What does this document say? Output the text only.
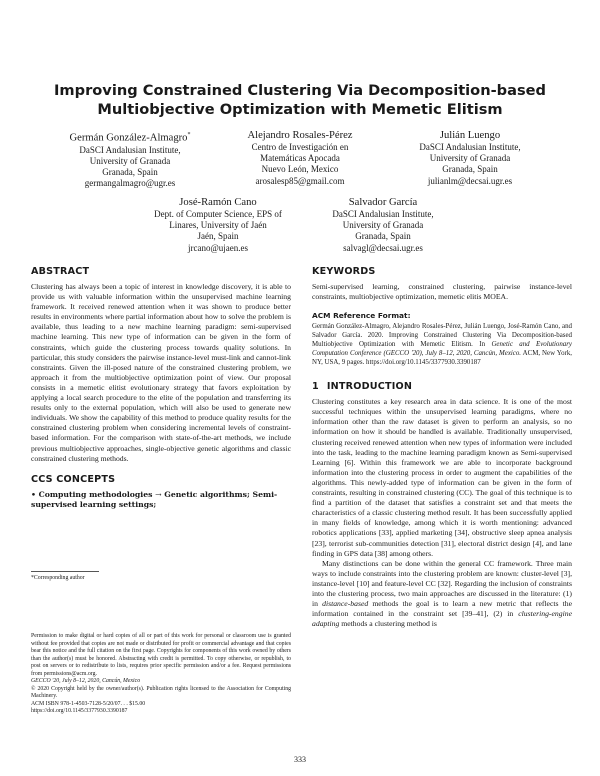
Improving Constrained Clustering Via Decomposition-based Multiobjective Optimization with Memetic Elitism
Germán González-Almagro*
DaSCI Andalusian Institute,
University of Granada
Granada, Spain
germangalmagro@ugr.es
Alejandro Rosales-Pérez
Centro de Investigación en
Matemáticas Apocada
Nuevo León, Mexico
arosalesp85@gmail.com
Julián Luengo
DaSCI Andalusian Institute,
University of Granada
Granada, Spain
julianlm@decsai.ugr.es
José-Ramón Cano
Dept. of Computer Science, EPS of
Linares, University of Jaén
Jaén, Spain
jrcano@ujaen.es
Salvador García
DaSCI Andalusian Institute,
University of Granada
Granada, Spain
salvagl@decsai.ugr.es
ABSTRACT

Clustering has always been a topic of interest in knowledge discovery, it is able to provide us with valuable information within the unsupervised machine learning framework. It received renewed attention when it was shown to produce better results in environments where partial information about how to solve the problem is available, thus leading to a new machine learning paradigm: semi-supervised machine learning. This new type of information can be given in the form of constraints, which guide the clustering process towards quality solutions. In particular, this study considers the pairwise instance-level must-link and cannot-link constraints. Given the ill-posed nature of the constrained clustering problem, we approach it from the multiobjective optimization point of view. Our proposal consists in a memetic elitist evolutionary strategy that favors exploitation by applying a local search procedure to the elite of the population and transferring its results only to the external population, which will also be used to generate new individuals. We show the capability of this method to produce quality results for the constrained clustering problem when considering incremental levels of constraint-based information. For the comparison with state-of-the-art methods, we include previous multiobjective approaches, single-objective genetic algorithms and classic constrained clustering methods.

CCS CONCEPTS

• Computing methodologies → Genetic algorithms; Semi-supervised learning settings;

*Corresponding author

Permission to make digital or hard copies of all or part of this work for personal or classroom use is granted without fee provided that copies are not made or distributed for profit or commercial advantage and that copies bear this notice and the full citation on the first page. Copyrights for components of this work owned by others than the author(s) must be honored. Abstracting with credit is permitted. To copy otherwise, or republish, to post on servers or to redistribute to lists, requires prior specific permission and/or a fee. Request permissions from permissions@acm.org.

GECCO '20, July 8–12, 2020, Cancún, Mexico

© 2020 Copyright held by the owner/author(s). Publication rights licensed to the Association for Computing Machinery.

ACM ISBN 978-1-4503-7128-5/20/07. . . $15.00

https://doi.org/10.1145/3377930.3390187

KEYWORDS

Semi-supervised learning, constrained clustering, pairwise instance-level constraints, multiobjective optimization, memetic elitis MOEA.

ACM Reference Format:

Germán González-Almagro, Alejandro Rosales-Pérez, Julián Luengo, José-Ramón Cano, and Salvador García. 2020. Improving Constrained Clustering Via Decomposition-based Multiobjective Optimization with Memetic Elitism. In Genetic and Evolutionary Computation Conference (GECCO '20), July 8–12, 2020, Cancún, Mexico. ACM, New York, NY, USA, 9 pages. https://doi.org/10.1145/3377930.3390187

1 INTRODUCTION

Clustering constitutes a key research area in data science. It is one of the most successful techniques within the unsupervised learning paradigms, where no information other than the raw dataset is given to perform an analysis, so no information on how it should be handled is available. Traditionally unsupervised, clustering received renewed attention when new types of information were included into the task, leading to the machine learning paradigm known as Semi-supervised Learning [6]. Within this framework we are able to incorporate background information into the clustering process in order to augment the capabilities of the algorithms. This newly-added type of information can be given in the form of constraints, resulting in constrained clustering (CC). The goal of this technique is to find a partition of the dataset that satisfies a constraint set and that meets the characteristics of a classic clustering method result. It has been successfully applied in many fields of knowledge, among which it is worth mentioning: advanced robotics applications [33], applied marketing [34], obstructive sleep apnea analysis [23], terrorist sub-communities detection [31], electoral district design [4], and lane finding in GPS data [38] among others.

Many distinctions can be done within the general CC framework. Three main ways to include constraints into the clustering problem are known: cluster-level [3], instance-level [10] and feature-level CC [32]. Regarding the inclusion of constraints into the clustering process, two main approaches are discussed in the literature: (1) in distance-based methods the goal is to learn a new metric that reflects the information contained in the constraint set [39–41], (2) in clustering-engine adapting methods a clustering method is

333
